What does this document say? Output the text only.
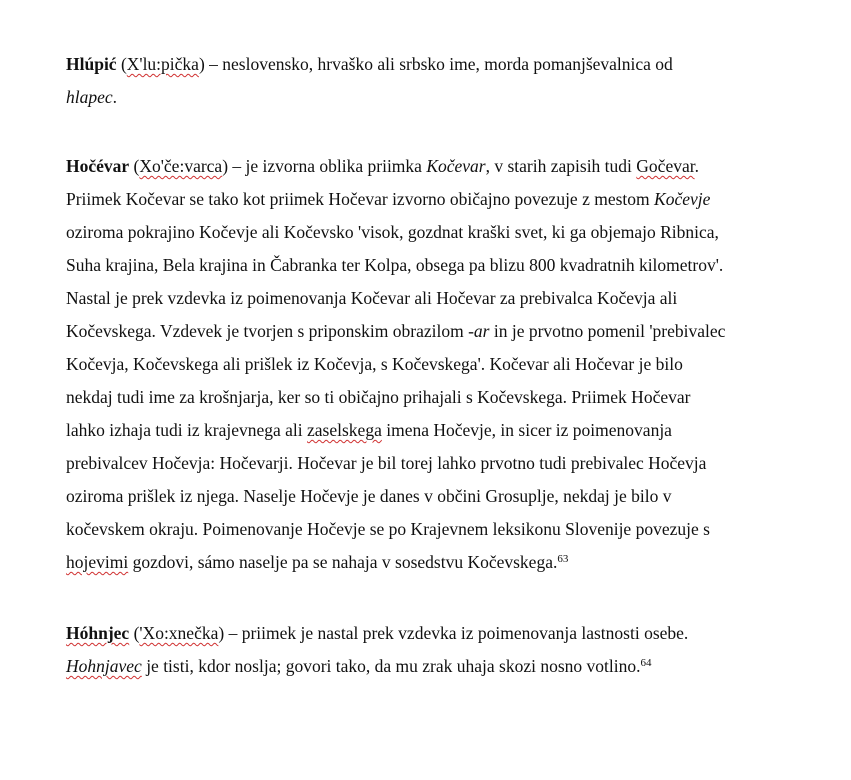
Hlúpić (X'lu:pička) – neslovensko, hrvaško ali srbsko ime, morda pomanjševalnica od
hlapec.
Hočévar (Xo'če:varca) – je izvorna oblika priimka Kočevar, v starih zapisih tudi Gočevar.
Priimek Kočevar se tako kot priimek Hočevar izvorno običajno povezuje z mestom Kočevje
oziroma pokrajino Kočevje ali Kočevsko 'visok, gozdnat kraški svet, ki ga objemajo Ribnica,
Suha krajina, Bela krajina in Čabranka ter Kolpa, obsega pa blizu 800 kvadratnih kilometrov'.
Nastal je prek vzdevka iz poimenovanja Kočevar ali Hočevar za prebivalca Kočevja ali
Kočevskega. Vzdevek je tvorjen s priponskim obrazilom -ar in je prvotno pomenil 'prebivalec
Kočevja, Kočevskega ali prišlek iz Kočevja, s Kočevskega'. Kočevar ali Hočevar je bilo
nekdaj tudi ime za krošnjarja, ker so ti običajno prihajali s Kočevskega. Priimek Hočevar
lahko izhaja tudi iz krajevnega ali zaselskega imena Hočevje, in sicer iz poimenovanja
prebivalcev Hočevja: Hočevarji. Hočevar je bil torej lahko prvotno tudi prebivalec Hočevja
oziroma prišlek iz njega. Naselje Hočevje je danes v občini Grosuplje, nekdaj je bilo v
kočevskem okraju. Poimenovanje Hočevje se po Krajevnem leksikonu Slovenije povezuje s
hojevimi gozdovi, sámo naselje pa se nahaja v sosedstvu Kočevskega.$^{63}$
Hóhnjec ('Xo:xnečka) – priimek je nastal prek vzdevka iz poimenovanja lastnosti osebe.
Hohnjavec je tisti, kdor noslja; govori tako, da mu zrak uhaja skozi nosno votlino.$^{64}$
